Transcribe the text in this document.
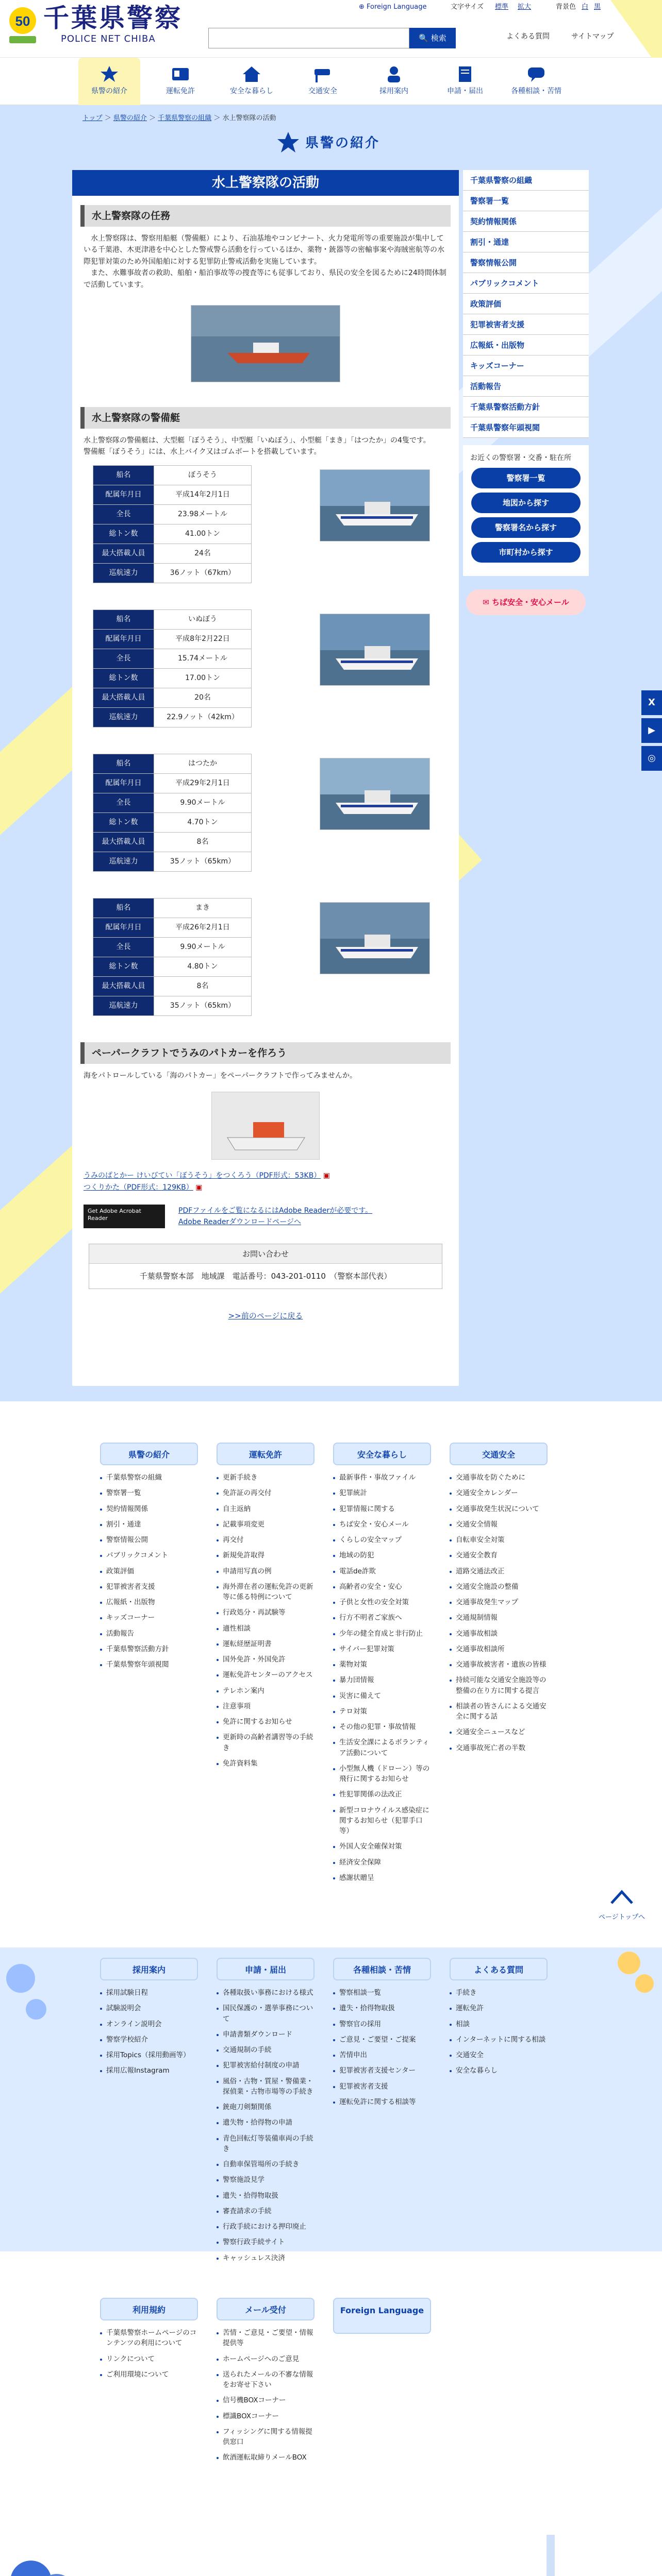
50 千葉県警察
POLICE NET CHIBA
⊕ Foreign Language	文字サイズ 標準 拡大	背景色 白 黒
🔍 検索	よくある質問	サイトマップ
県警の紹介	運転免許	安全な暮らし	交通安全	採用案内	申請・届出	各種相談・苦情
トップ ＞ 県警の紹介 ＞ 千葉県警察の組織 ＞ 水上警察隊の活動
県警の紹介
水上警察隊の活動
水上警察隊の任務

水上警察隊は、警察用船艇（警備艇）により、石油基地やコンビナート、火力発電所等の重要施設が集中している千葉港、木更津港を中心とした警戒警ら活動を行っているほか、薬物・銃器等の密輸事案や海賊密航等の水際犯罪対策のため外国船舶に対する犯罪防止警戒活動を実施しています。

また、水難事故者の救助、船舶・船泊事故等の捜査等にも従事しており、県民の安全を図るために24時間体制で活動しています。

水上警察隊の警備艇

水上警察隊の警備艇は、大型艇「ぼうそう」、中型艇「いぬぼう」、小型艇「まき」「はつたか」の4隻です。

警備艇「ぼうそう」には、水上バイク又はゴムボートを搭載しています。

船名	ぼうそう
配属年月日	平成14年2月1日
全長	23.98メートル
総トン数	41.00トン
最大搭載人員	24名
巡航速力	36ノット（67km）
船名	いぬぼう
配属年月日	平成8年2月22日
全長	15.74メートル
総トン数	17.00トン
最大搭載人員	20名
巡航速力	22.9ノット（42km）
船名	はつたか
配属年月日	平成29年2月1日
全長	9.90メートル
総トン数	4.70トン
最大搭載人員	8名
巡航速力	35ノット（65km）
船名	まき
配属年月日	平成26年2月1日
全長	9.90メートル
総トン数	4.80トン
最大搭載人員	8名
巡航速力	35ノット（65km）
ペーパークラフトでうみのパトカーを作ろう

海をパトロールしている「海のパトカー」をペーパークラフトで作ってみませんか。

うみのぱとかー けいびてい「ぼうそう」をつくろう（PDF形式：53KB） ▣
つくりかた（PDF形式：129KB） ▣
Get Adobe Acrobat Reader
PDFファイルをご覧になるにはAdobe Readerが必要です。
Adobe Readerダウンロードページへ
お問い合わせ
千葉県警察本部　地域課　電話番号：043-201-0110　（警察本部代表）
>>前のページに戻る
千葉県警察の組織
警察署一覧
契約情報関係
割引・通達
警察情報公開
パブリックコメント
政策評価
犯罪被害者支援
広報紙・出版物
キッズコーナー
活動報告
千葉県警察活動方針
千葉県警察年頭視閲
お近くの警察署・交番・駐在所
警察署一覧
地図から探す
警察署名から探す
市町村から探す
✉ ちば安全・安心メール
X
▶
◎
県警の紹介
千葉県警察の組織
警察署一覧
契約情報関係
割引・通達
警察情報公開
パブリックコメント
政策評価
犯罪被害者支援
広報紙・出版物
キッズコーナー
活動報告
千葉県警察活動方針
千葉県警察年頭視閲
運転免許
更新手続き
免許証の再交付
自主返納
記載事項変更
再交付
新規免許取得
申請用写真の例
海外滞在者の運転免許の更新等に係る特例について
行政処分・再試験等
適性相談
運転経歴証明書
国外免許・外国免許
運転免許センターのアクセス
テレホン案内
注意事項
免許に関するお知らせ
更新時の高齢者講習等の手続き
免許資料集
安全な暮らし
最新事件・事故ファイル
犯罪統計
犯罪情報に関する
ちば安全・安心メール
くらしの安全マップ
地域の防犯
電話de詐欺
高齢者の安全・安心
子供と女性の安全対策
行方不明者ご家族へ
少年の健全育成と非行防止
サイバー犯罪対策
薬物対策
暴力団情報
災害に備えて
テロ対策
その他の犯罪・事故情報
生活安全課によるボランティア活動について
小型無人機（ドローン）等の飛行に関するお知らせ
性犯罪関係の法改正
新型コロナウイルス感染症に関するお知らせ（犯罪手口等）
外国人安全確保対策
経済安全保障
感謝状贈呈
交通安全
交通事故を防ぐために
交通安全カレンダー
交通事故発生状況について
交通安全情報
自転車安全対策
交通安全教育
道路交通法改正
交通安全施設の整備
交通事故発生マップ
交通規制情報
交通事故相談
交通事故相談所
交通事故被害者・遺族の皆様
持続可能な交通安全施設等の整備の在り方に関する提言
相談者の皆さんによる交通安全に関する話
交通安全ニュースなど
交通事故死亡者の半数
採用案内
採用試験日程
試験説明会
オンライン説明会
警察学校紹介
採用Topics（採用動画等）
採用広報Instagram
申請・届出
各種取扱い事務における様式
国民保護の・選挙事務について
申請書類ダウンロード
交通規制の手続
犯罪被害給付制度の申請
風俗・古物・質屋・警備業・探偵業・古物市場等の手続き
銃砲刀剣類関係
遺失物・拾得物の申請
青色回転灯等装備車両の手続き
自動車保管場所の手続き
警察施設見学
遺失・拾得物取扱
審査請求の手続
行政手続における押印廃止
警察行政手続サイト
キャッシュレス決済
各種相談・苦情
警察相談一覧
遺失・拾得物取扱
警察官の採用
ご意見・ご要望・ご提案
苦情申出
犯罪被害者支援センター
犯罪被害者支援
運転免許に関する相談等
よくある質問
手続き
運転免許
相談
インターネットに関する相談
交通安全
安全な暮らし
利用規約
千葉県警察ホームページのコンテンツの利用について
リンクについて
ご利用環境について
メール受付
苦情・ご意見・ご要望・情報提供等
ホームページへのご意見
送られたメールの不審な情報をお寄せ下さい
信号機BOXコーナー
標識BOXコーナー
フィッシングに関する情報提供窓口
飲酒運転取締りメールBOX
Foreign Language

ページトップへ
